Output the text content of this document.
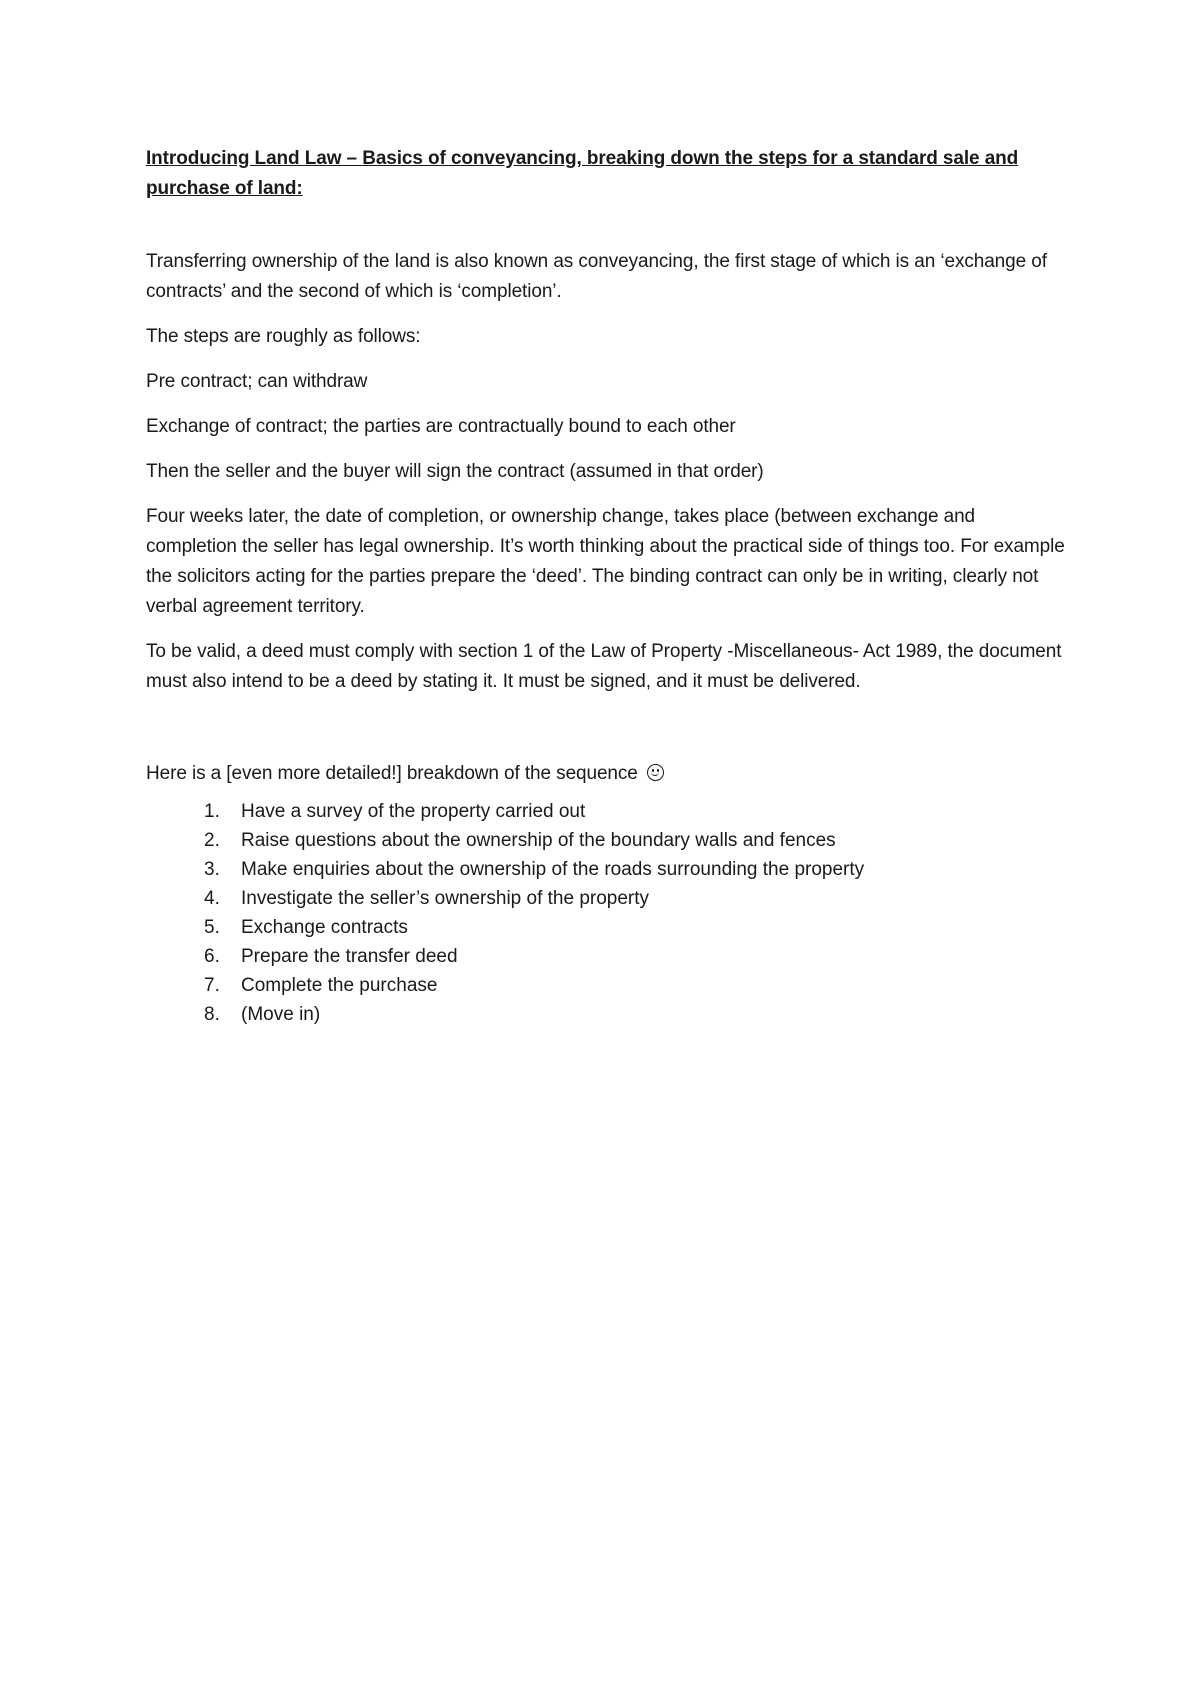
Introducing Land Law – Basics of conveyancing, breaking down the steps for a standard sale and purchase of land:

Transferring ownership of the land is also known as conveyancing, the first stage of which is an ‘exchange of contracts’ and the second of which is ‘completion’.

The steps are roughly as follows:

Pre contract; can withdraw

Exchange of contract; the parties are contractually bound to each other

Then the seller and the buyer will sign the contract (assumed in that order)

Four weeks later, the date of completion, or ownership change, takes place (between exchange and completion the seller has legal ownership. It’s worth thinking about the practical side of things too. For example the solicitors acting for the parties prepare the ‘deed’. The binding contract can only be in writing, clearly not verbal agreement territory.

To be valid, a deed must comply with section 1 of the Law of Property -Miscellaneous- Act 1989, the document must also intend to be a deed by stating it. It must be signed, and it must be delivered.

Here is a [even more detailed!] breakdown of the sequence

1.	Have a survey of the property carried out
2.	Raise questions about the ownership of the boundary walls and fences
3.	Make enquiries about the ownership of the roads surrounding the property
4.	Investigate the seller’s ownership of the property
5.	Exchange contracts
6.	Prepare the transfer deed
7.	Complete the purchase
8.	(Move in)
